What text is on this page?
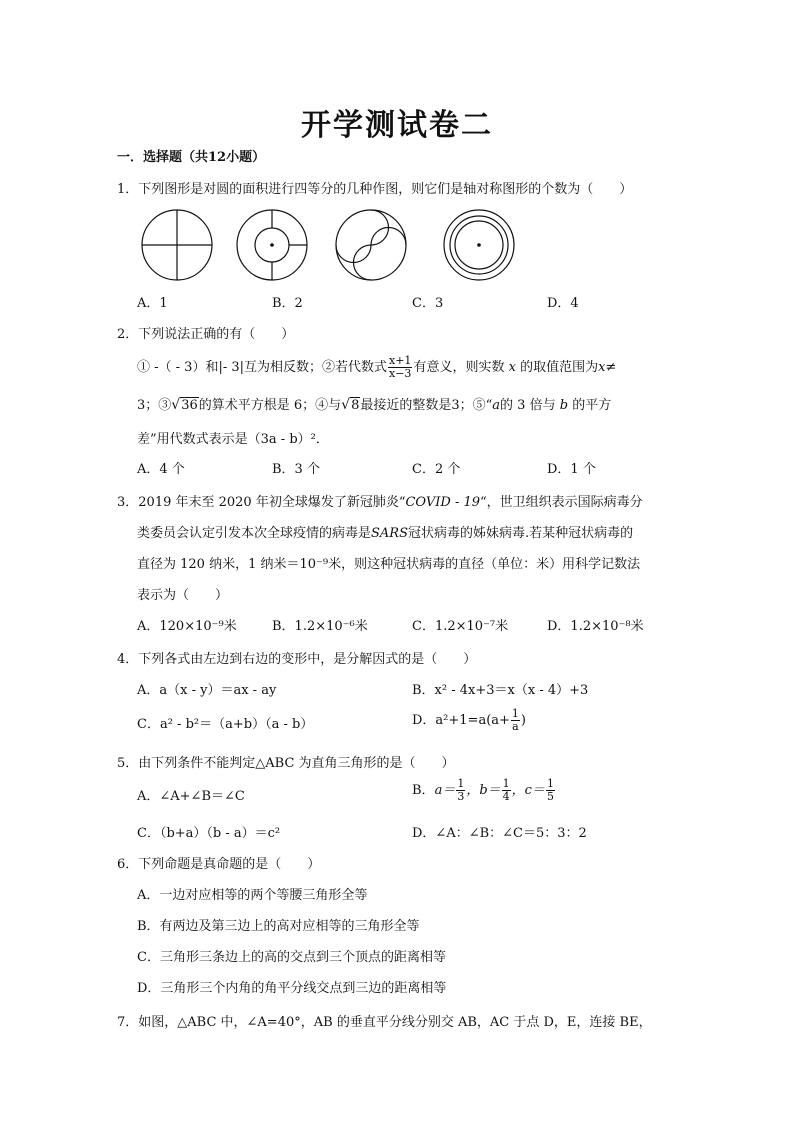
开学测试卷二
一．选择题（共12小题）
1．下列图形是对圆的面积进行四等分的几种作图，则它们是轴对称图形的个数为（　　）
A．1	B．2	C．3	D．4
2．下列说法正确的有（　　）
① -（ - 3）和|- 3|互为相反数；②若代数式 $\frac{x+1}{x-3}$ 有意义，则实数 x 的取值范围为x≠
3；③√36的算术平方根是 6；④与√8最接近的整数是3；⑤“a的 3 倍与 b 的平方
差”用代数式表示是（3a - b）²．
A．4 个	B．3 个	C．2 个	D．1 个
3．2019 年末至 2020 年初全球爆发了新冠肺炎“COVID - 19“，世卫组织表示国际病毒分
类委员会认定引发本次全球疫情的病毒是SARS冠状病毒的姊妹病毒.若某种冠状病毒的
直径为 120 纳米，1 纳米＝10⁻⁹米，则这种冠状病毒的直径（单位：米）用科学记数法
表示为（　　）
A．120×10⁻⁹米	B．1.2×10⁻⁶米	C．1.2×10⁻⁷米	D．1.2×10⁻⁸米
4．下列各式由左边到右边的变形中，是分解因式的是（　　）
A．a（x - y）＝ax - ay	B．x² - 4x+3＝x（x - 4）+3
C．a² - b²＝（a+b）（a - b）	D．$a^2+1=a(a+ \frac{1}{a}$ )
5．由下列条件不能判定△ABC 为直角三角形的是（　　）
A．∠A+∠B＝∠C	B．$a= \frac{1}{3}$ ，$b= \frac{1}{4}$ ，$c= \frac{1}{5}$
C．（b+a）（b - a）＝c²	D．∠A：∠B：∠C＝5：3：2
6．下列命题是真命题的是（　　）
A．一边对应相等的两个等腰三角形全等
B．有两边及第三边上的高对应相等的三角形全等
C．三角形三条边上的高的交点到三个顶点的距离相等
D．三角形三个内角的角平分线交点到三边的距离相等
7．如图，△ABC 中，∠A=40°，AB 的垂直平分线分别交 AB，AC 于点 D，E，连接 BE，
